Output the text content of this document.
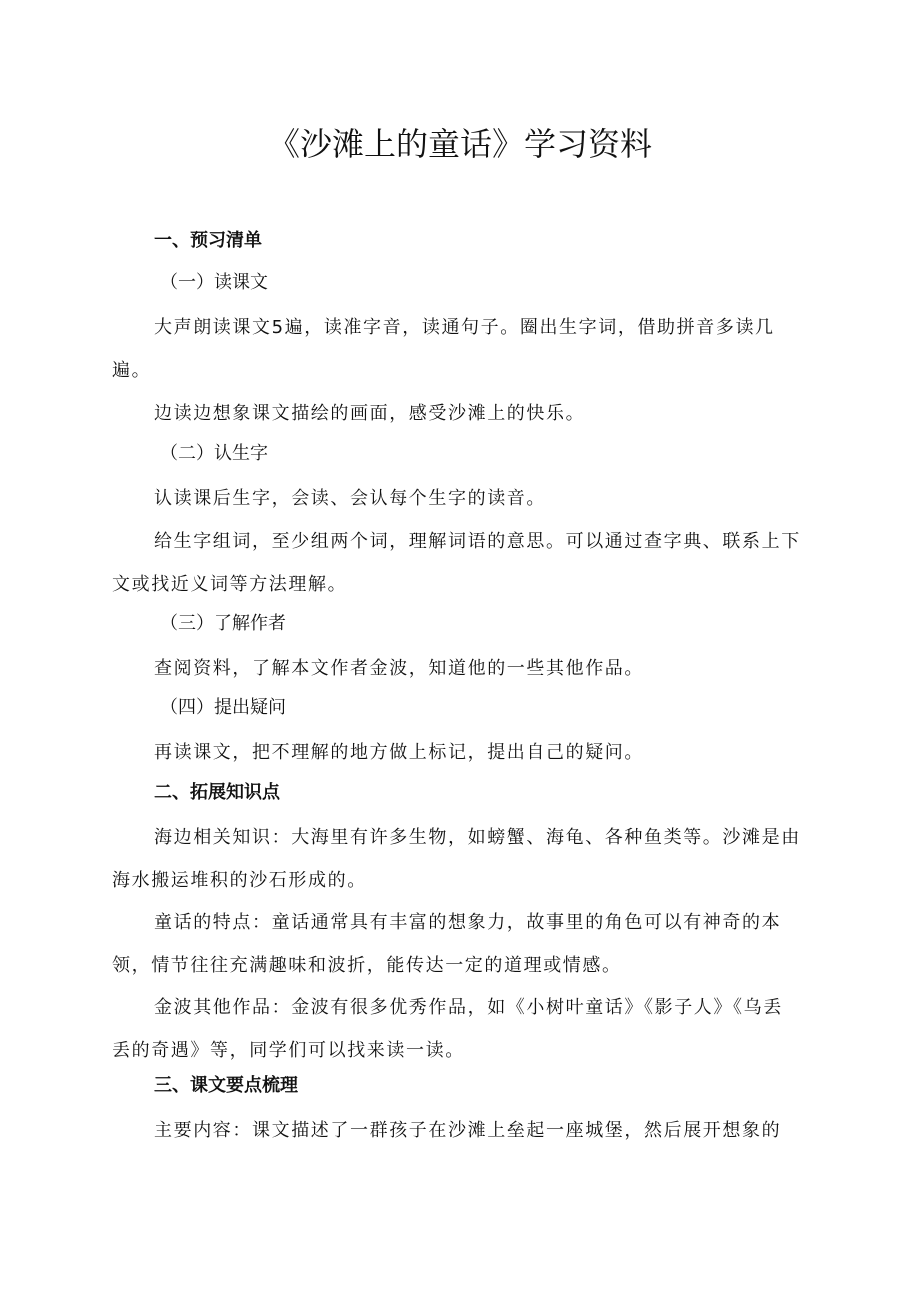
《沙滩上的童话》学习资料
一、预习清单
（一）读课文
大声朗读课文5遍，读准字音，读通句子。圈出生字词，借助拼音多读几遍。
边读边想象课文描绘的画面，感受沙滩上的快乐。
（二）认生字
认读课后生字，会读、会认每个生字的读音。
给生字组词，至少组两个词，理解词语的意思。可以通过查字典、联系上下文或找近义词等方法理解。
（三）了解作者
查阅资料，了解本文作者金波，知道他的一些其他作品。
（四）提出疑问
再读课文，把不理解的地方做上标记，提出自己的疑问。
二、拓展知识点
海边相关知识：大海里有许多生物，如螃蟹、海龟、各种鱼类等。沙滩是由海水搬运堆积的沙石形成的。
童话的特点：童话通常具有丰富的想象力，故事里的角色可以有神奇的本领，情节往往充满趣味和波折，能传达一定的道理或情感。
金波其他作品：金波有很多优秀作品，如《小树叶童话》《影子人》《乌丢丢的奇遇》等，同学们可以找来读一读。
三、课文要点梳理
主要内容：课文描述了一群孩子在沙滩上垒起一座城堡，然后展开想象的
